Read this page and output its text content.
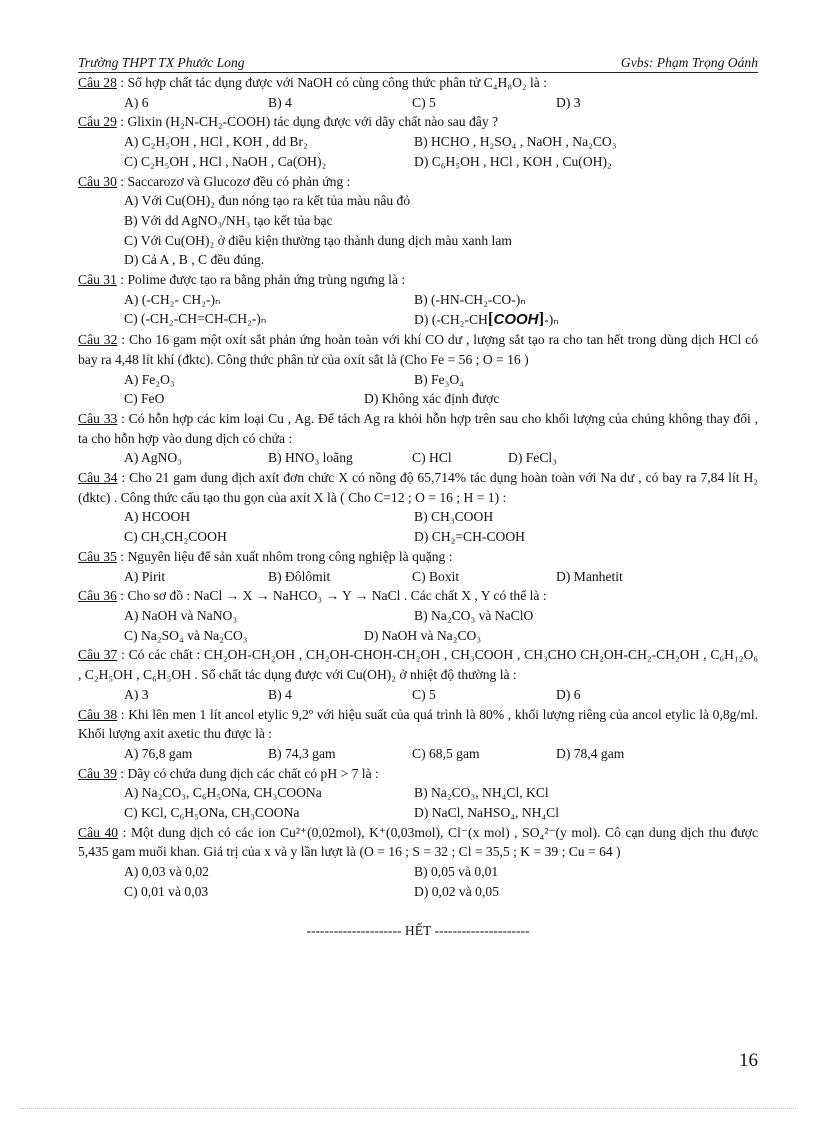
Trường THPT TX Phước Long	Gvbs: Phạm Trọng Oánh

Câu 28 : Số hợp chất tác dụng được với NaOH có cùng công thức phân tử C₄H₈O₂ là :

A) 6	B) 4	C) 5	D) 3

Câu 29 : Glixin (H₂N-CH₂-COOH) tác dụng được với dãy chất nào sau đây ?

A) C₂H₅OH , HCl , KOH , dd Br₂	B) HCHO , H₂SO₄ , NaOH , Na₂CO₃
C) C₂H₅OH , HCl , NaOH , Ca(OH)₂	D) C₆H₅OH , HCl , KOH , Cu(OH)₂

Câu 30 : Saccarozơ và Glucozơ đều có phản ứng :

A) Với Cu(OH)₂ đun nóng tạo ra kết tủa màu nâu đỏ

B) Với dd AgNO₃/NH₃ tạo kết tủa bạc

C) Với Cu(OH)₂ ở điều kiện thường tạo thành dung dịch màu xanh lam

D) Cả A , B , C đều đúng.

Câu 31 : Polime được tạo ra bằng phản ứng trùng ngưng là :

A) (-CH₂- CH₂-)ₙ	B) (-HN-CH₂-CO-)ₙ
C) (-CH₂-CH=CH-CH₂-)ₙ	D) (-CH₂-CH[COOH]-)ₙ

Câu 32 : Cho 16 gam một oxít sắt phản ứng hoàn toàn với khí CO dư , lượng sắt tạo ra cho tan hết trong dùng dịch HCl có bay ra 4,48 lít khí (đktc). Công thức phân tử của oxít sắt là (Cho Fe = 56 ; O = 16 )

A) Fe₂O₃	B) Fe₃O₄
C) FeO	D) Không xác định được

Câu 33 : Có hỗn hợp các kim loại Cu , Ag. Để tách Ag ra khỏi hỗn hợp trên sau cho khối lượng của chúng không thay đổi , ta cho hỗn hợp vào dung dịch có chứa :

A) AgNO₃	B) HNO₃ loãng	C) HCl	D) FeCl₃

Câu 34 : Cho 21 gam dung dịch axít đơn chức X có nồng độ 65,714% tác dụng hoàn toàn với Na dư , có bay ra 7,84 lít H₂ (đktc) . Công thức cấu tạo thu gọn của axít X là ( Cho C=12 ; O = 16 ; H = 1) :

A) HCOOH	B) CH₃COOH
C) CH₃CH₂COOH	D) CH₂=CH-COOH

Câu 35 : Nguyên liệu để sản xuất nhôm trong công nghiệp là quặng :

A) Pirit	B) Đôlômit	C) Boxit	D) Manhetit

Câu 36 : Cho sơ đồ : NaCl → X → NaHCO₃ → Y → NaCl . Các chất X , Y có thể là :

A) NaOH và NaNO₃	B) Na₂CO₃ và NaClO
C) Na₂SO₄ và Na₂CO₃	D) NaOH và Na₂CO₃

Câu 37 : Có các chất : CH₂OH-CH₂OH , CH₂OH-CHOH-CH₂OH , CH₃COOH , CH₃CHO CH₂OH-CH₂-CH₂OH , C₆H₁₂O₆ , C₂H₅OH , C₆H₅OH . Số chất tác dụng được với Cu(OH)₂ ở nhiệt độ thường là :

A) 3	B) 4	C) 5	D) 6

Câu 38 : Khi lên men 1 lít ancol etylic 9,2º với hiệu suất của quá trình là 80% , khối lượng riêng của ancol etylic là 0,8g/ml. Khối lượng axit axetic thu được là :

A) 76,8 gam	B) 74,3 gam	C) 68,5 gam	D) 78,4 gam

Câu 39 : Dãy có chứa dung dịch các chất có pH > 7 là :

A) Na₂CO₃, C₆H₅ONa, CH₃COONa	B) Na₂CO₃, NH₄Cl, KCl
C) KCl, C₆H₅ONa, CH₃COONa	D) NaCl, NaHSO₄, NH₄Cl

Câu 40 : Một dung dịch có các ion Cu²⁺(0,02mol), K⁺(0,03mol), Cl⁻(x mol) , SO₄²⁻(y mol). Cô cạn dung dịch thu được 5,435 gam muối khan. Giá trị của x và y lần lượt là (O = 16 ; S = 32 ; Cl = 35,5 ; K = 39 ; Cu = 64 )

A) 0,03 và 0,02	B) 0,05 và 0,01
C) 0,01 và 0,03	D) 0,02 và 0,05

--------------------- HẾT ---------------------

16
